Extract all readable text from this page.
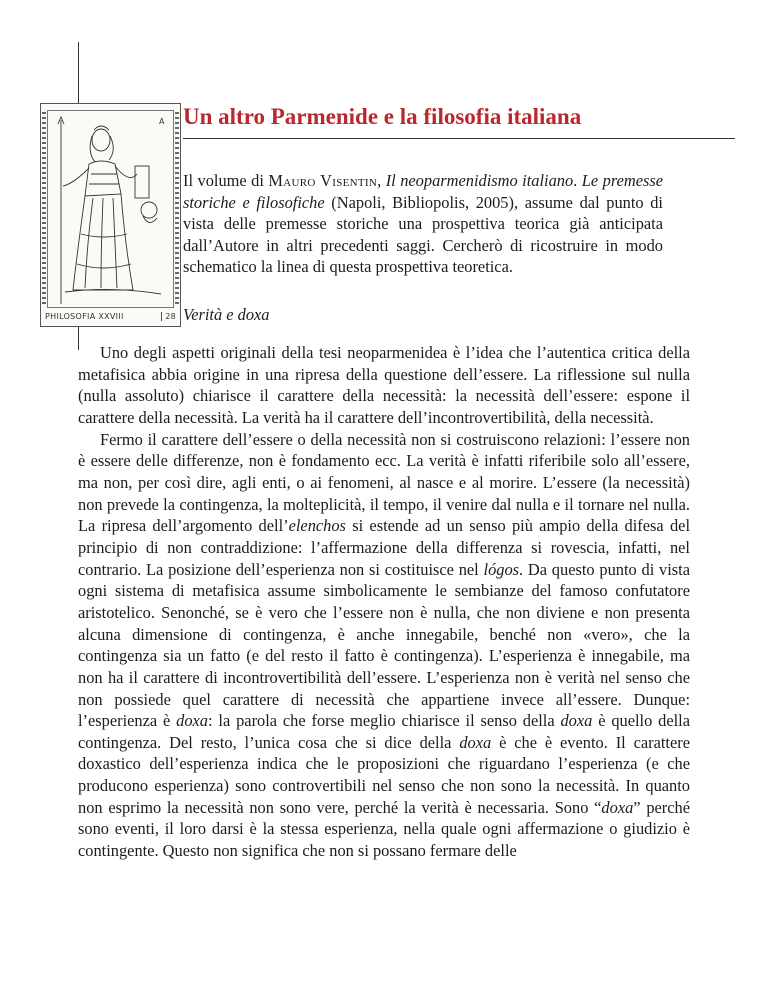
A
PHILOSOFIA XXVIII	28
Un altro Parmenide e la filosofia italiana

Il volume di Mauro Visentin, Il neoparmenidismo italiano. Le premesse storiche e filosofiche (Napoli, Bibliopolis, 2005), assume dal punto di vista delle premesse storiche una prospettiva teorica già anticipata dall’Autore in altri precedenti saggi. Cercherò di ricostruire in modo schematico la linea di questa prospettiva teoretica.

Verità e doxa

Uno degli aspetti originali della tesi neoparmenidea è l’idea che l’autentica critica della metafisica abbia origine in una ripresa della questione dell’essere. La riflessione sul nulla (nulla assoluto) chiarisce il carattere della necessità: la necessità dell’essere: espone il carattere della necessità. La verità ha il carattere dell’incontrovertibilità, della necessità.

Fermo il carattere dell’essere o della necessità non si costruiscono relazioni: l’essere non è essere delle differenze, non è fondamento ecc. La verità è infatti riferibile solo all’essere, ma non, per così dire, agli enti, o ai fenomeni, al nasce e al morire. L’essere (la necessità) non prevede la contingenza, la molteplicità, il tempo, il venire dal nulla e il tornare nel nulla. La ripresa dell’argomento dell’elenchos si estende ad un senso più ampio della difesa del principio di non contraddizione: l’affermazione della differenza si rovescia, infatti, nel contrario. La posizione dell’esperienza non si costituisce nel lógos. Da questo punto di vista ogni sistema di metafisica assume simbolicamente le sembianze del famoso confutatore aristotelico. Senonché, se è vero che l’essere non è nulla, che non diviene e non presenta alcuna dimensione di contingenza, è anche innegabile, benché non «vero», che la contingenza sia un fatto (e del resto il fatto è contingenza). L’esperienza è innegabile, ma non ha il carattere di incontrovertibilità dell’essere. L’esperienza non è verità nel senso che non possiede quel carattere di necessità che appartiene invece all’essere. Dunque: l’esperienza è doxa: la parola che forse meglio chiarisce il senso della doxa è quello della contingenza. Del resto, l’unica cosa che si dice della doxa è che è evento. Il carattere doxastico dell’esperienza indica che le proposizioni che riguardano l’esperienza (e che producono esperienza) sono controvertibili nel senso che non sono la necessità. In quanto non esprimo la necessità non sono vere, perché la verità è necessaria. Sono “doxa” perché sono eventi, il loro darsi è la stessa esperienza, nella quale ogni affermazione o giudizio è contingente. Questo non significa che non si possano fermare delle
